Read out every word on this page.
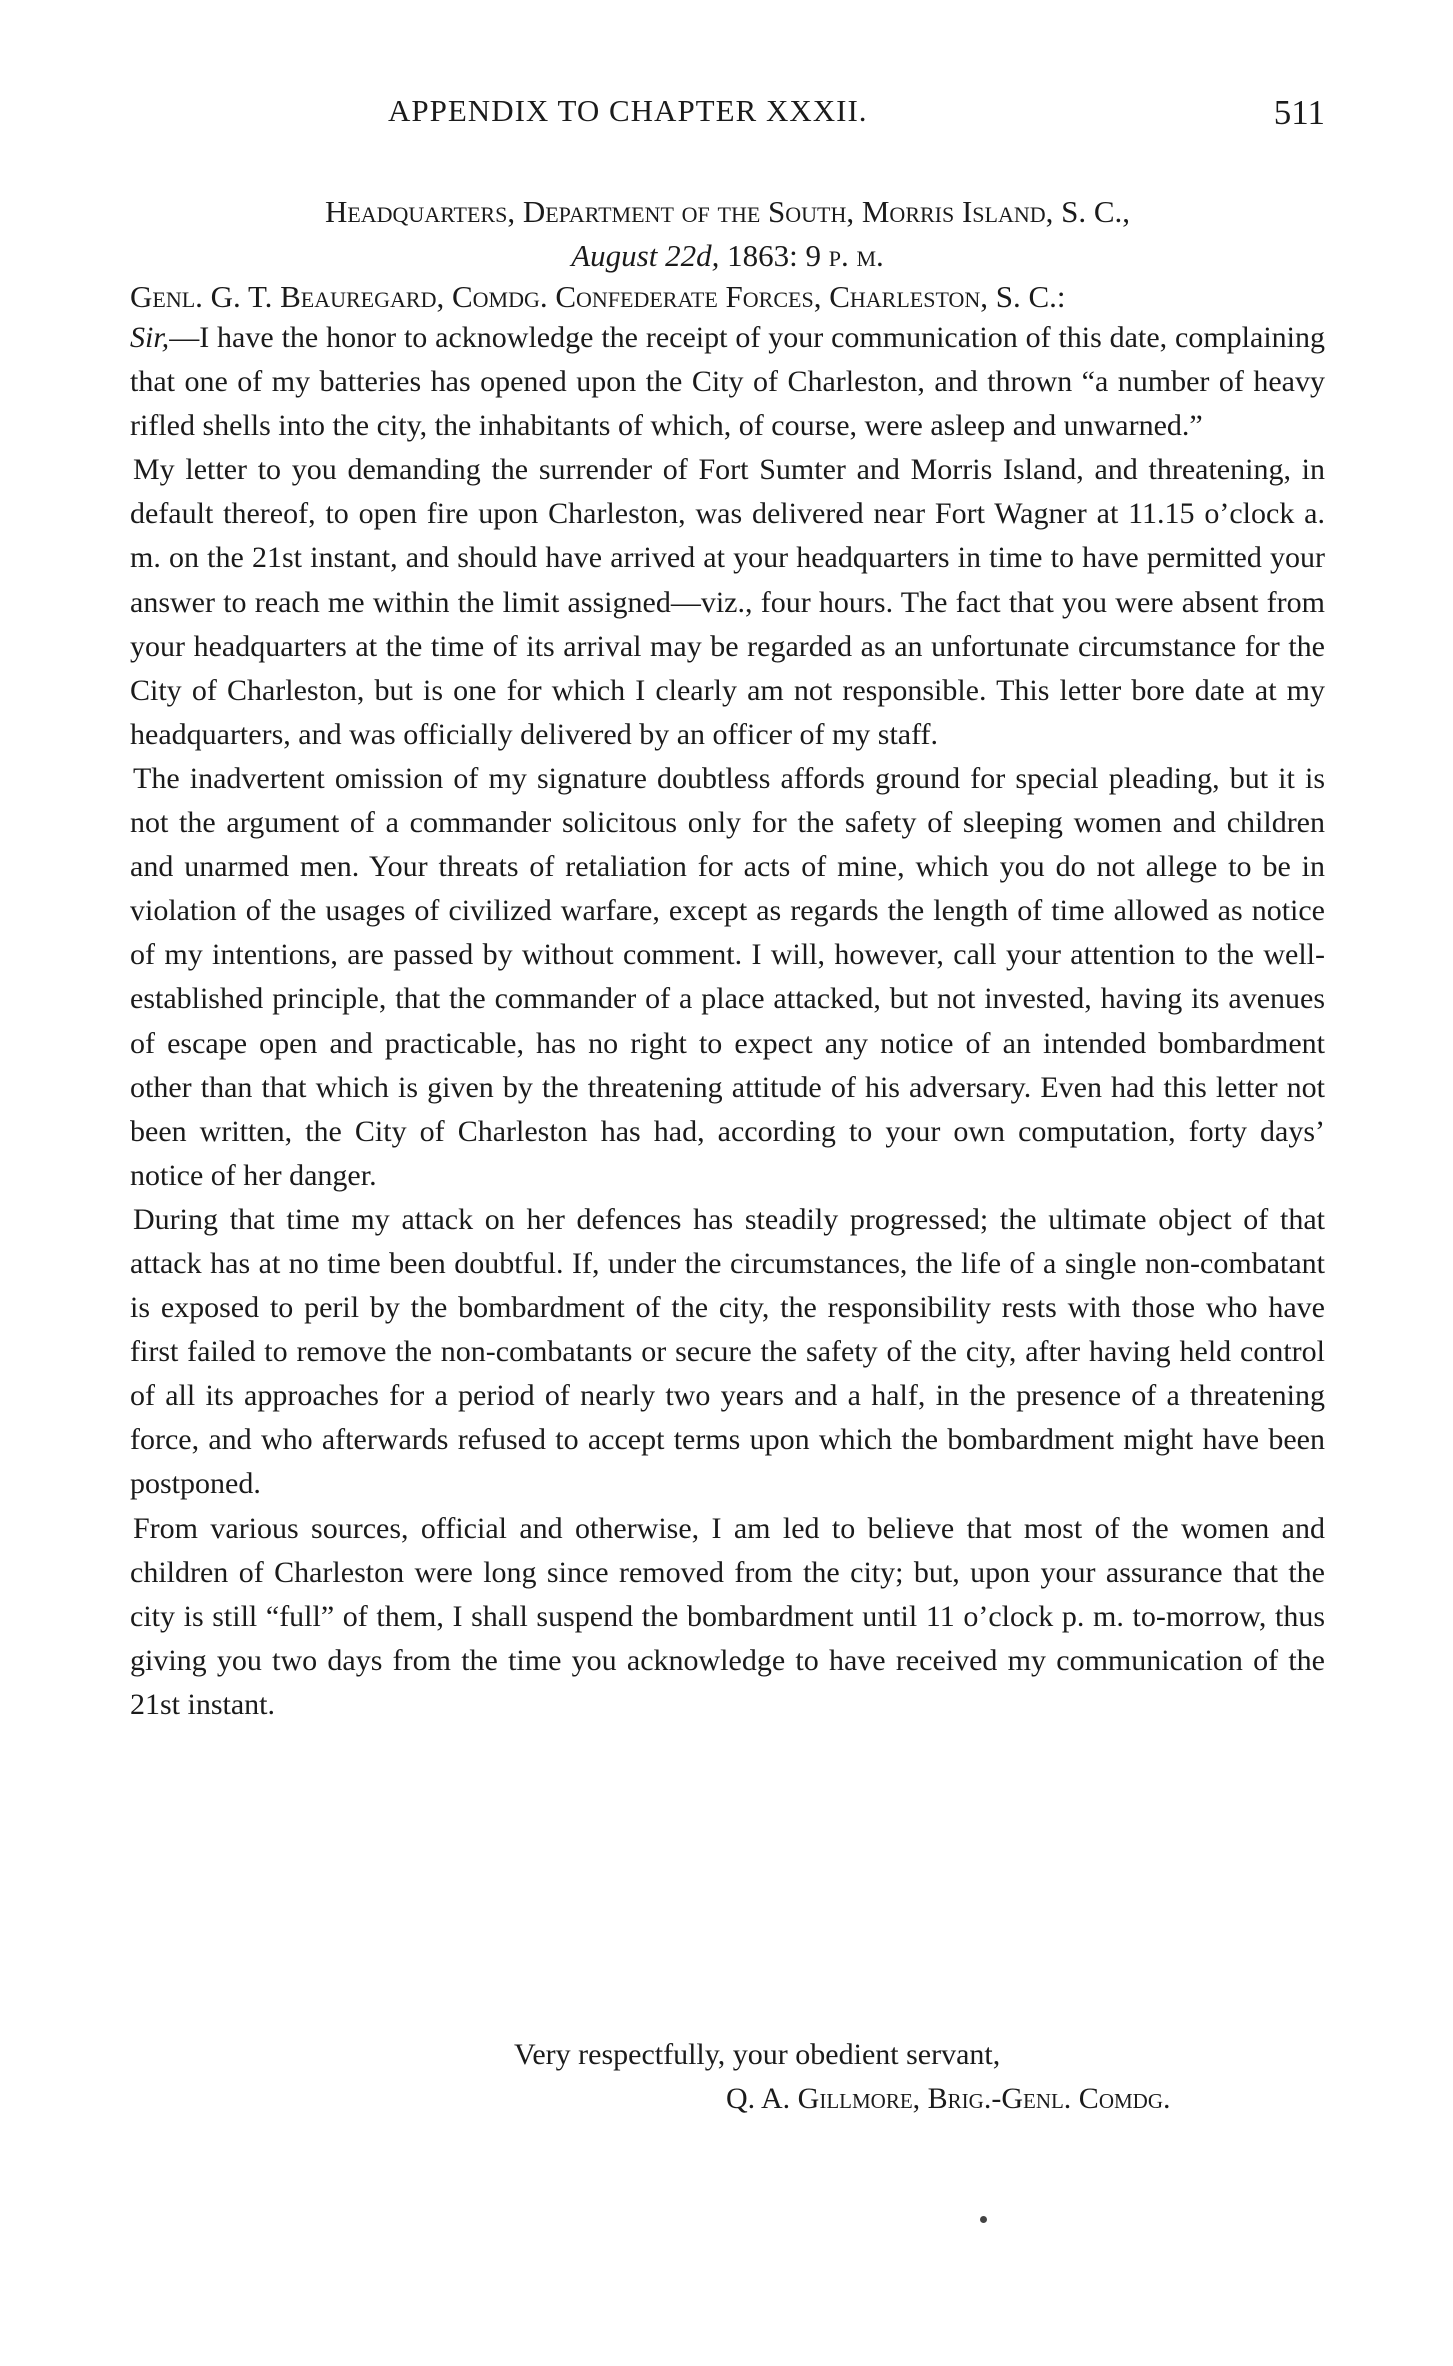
APPENDIX TO CHAPTER XXXII.	511
Headquarters, Department of the South, Morris Island, S. C.,
August 22d, 1863: 9 p. m.
Genl. G. T. Beauregard, Comdg. Confederate Forces, Charleston, S. C.:

Sir,—I have the honor to acknowledge the receipt of your communication of this date, complaining that one of my batteries has opened upon the City of Charleston, and thrown “a number of heavy rifled shells into the city, the inhabitants of which, of course, were asleep and unwarned.”

My letter to you demanding the surrender of Fort Sumter and Morris Island, and threatening, in default thereof, to open fire upon Charleston, was delivered near Fort Wagner at 11.15 o’clock a. m. on the 21st instant, and should have arrived at your headquarters in time to have permitted your answer to reach me within the limit assigned—viz., four hours. The fact that you were absent from your headquarters at the time of its arrival may be regarded as an unfortunate circumstance for the City of Charleston, but is one for which I clearly am not responsible. This letter bore date at my headquarters, and was officially delivered by an officer of my staff.

The inadvertent omission of my signature doubtless affords ground for special pleading, but it is not the argument of a commander solicitous only for the safety of sleeping women and children and unarmed men. Your threats of retaliation for acts of mine, which you do not allege to be in violation of the usages of civilized warfare, except as regards the length of time allowed as notice of my intentions, are passed by without comment. I will, however, call your attention to the well-established principle, that the commander of a place attacked, but not invested, having its avenues of escape open and practicable, has no right to expect any notice of an intended bombardment other than that which is given by the threatening attitude of his adversary. Even had this letter not been written, the City of Charleston has had, according to your own computation, forty days’ notice of her danger.

During that time my attack on her defences has steadily progressed; the ultimate object of that attack has at no time been doubtful. If, under the circumstances, the life of a single non-combatant is exposed to peril by the bombardment of the city, the responsibility rests with those who have first failed to remove the non-combatants or secure the safety of the city, after having held control of all its approaches for a period of nearly two years and a half, in the presence of a threatening force, and who afterwards refused to accept terms upon which the bombardment might have been postponed.

From various sources, official and otherwise, I am led to believe that most of the women and children of Charleston were long since removed from the city; but, upon your assurance that the city is still “full” of them, I shall suspend the bombardment until 11 o’clock p. m. to-morrow, thus giving you two days from the time you acknowledge to have received my communication of the 21st instant.

Very respectfully, your obedient servant,
Q. A. Gillmore, Brig.-Genl. Comdg.
